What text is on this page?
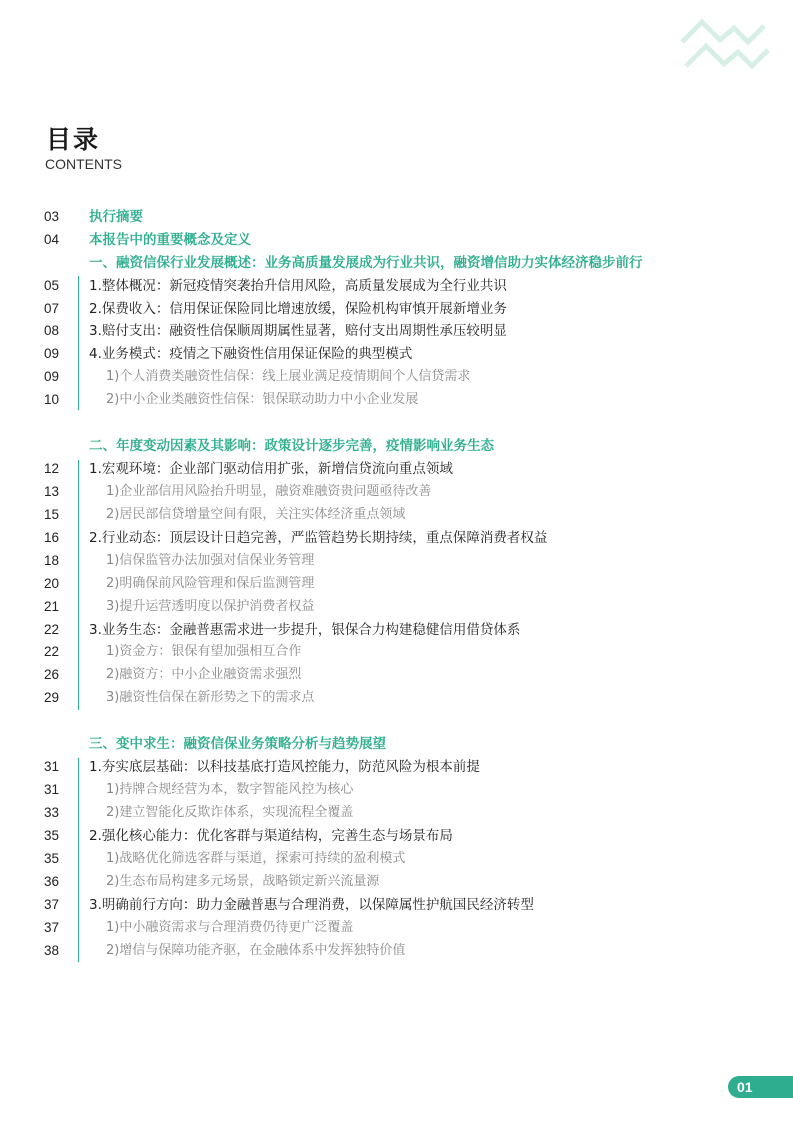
目录
CONTENTS
03	执行摘要
04	本报告中的重要概念及定义
一、融资信保行业发展概述：业务高质量发展成为行业共识，融资增信助力实体经济稳步前行
05	1.整体概况：新冠疫情突袭抬升信用风险，高质量发展成为全行业共识
07	2.保费收入：信用保证保险同比增速放缓，保险机构审慎开展新增业务
08	3.赔付支出：融资性信保顺周期属性显著，赔付支出周期性承压较明显
09	4.业务模式：疫情之下融资性信用保证保险的典型模式
09	1)个人消费类融资性信保：线上展业满足疫情期间个人信贷需求
10	2)中小企业类融资性信保：银保联动助力中小企业发展
二、年度变动因素及其影响：政策设计逐步完善，疫情影响业务生态
12	1.宏观环境：企业部门驱动信用扩张，新增信贷流向重点领域
13	1)企业部信用风险抬升明显，融资难融资贵问题亟待改善
15	2)居民部信贷增量空间有限，关注实体经济重点领域
16	2.行业动态：顶层设计日趋完善，严监管趋势长期持续，重点保障消费者权益
18	1)信保监管办法加强对信保业务管理
20	2)明确保前风险管理和保后监测管理
21	3)提升运营透明度以保护消费者权益
22	3.业务生态：金融普惠需求进一步提升，银保合力构建稳健信用借贷体系
22	1)资金方：银保有望加强相互合作
26	2)融资方：中小企业融资需求强烈
29	3)融资性信保在新形势之下的需求点
三、变中求生：融资信保业务策略分析与趋势展望
31	1.夯实底层基础：以科技基底打造风控能力，防范风险为根本前提
31	1)持牌合规经营为本，数字智能风控为核心
33	2)建立智能化反欺诈体系，实现流程全覆盖
35	2.强化核心能力：优化客群与渠道结构，完善生态与场景布局
35	1)战略优化筛选客群与渠道，探索可持续的盈利模式
36	2)生态布局构建多元场景，战略锁定新兴流量源
37	3.明确前行方向：助力金融普惠与合理消费，以保障属性护航国民经济转型
37	1)中小融资需求与合理消费仍待更广泛覆盖
38	2)增信与保障功能齐驱，在金融体系中发挥独特价值
01
